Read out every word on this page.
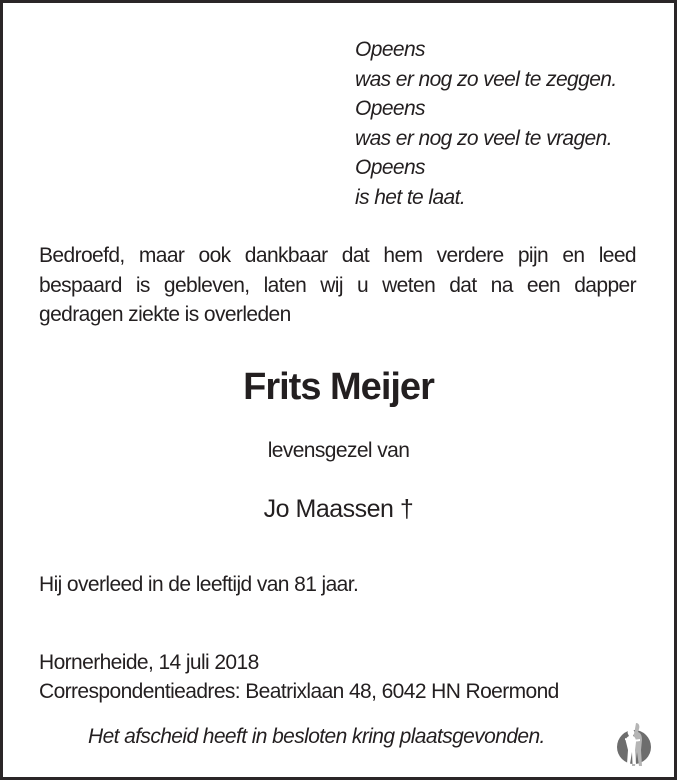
Opeens
was er nog zo veel te zeggen.
Opeens
was er nog zo veel te vragen.
Opeens
is het te laat.
Bedroefd, maar ook dankbaar dat hem verdere pijn en leed bespaard is gebleven, laten wij u weten dat na een dapper gedragen ziekte is overleden
Frits Meijer
levensgezel van
Jo Maassen †
Hij overleed in de leeftijd van 81 jaar.
Hornerheide, 14 juli 2018
Correspondentieadres: Beatrixlaan 48, 6042 HN Roermond
Het afscheid heeft in besloten kring plaatsgevonden.
